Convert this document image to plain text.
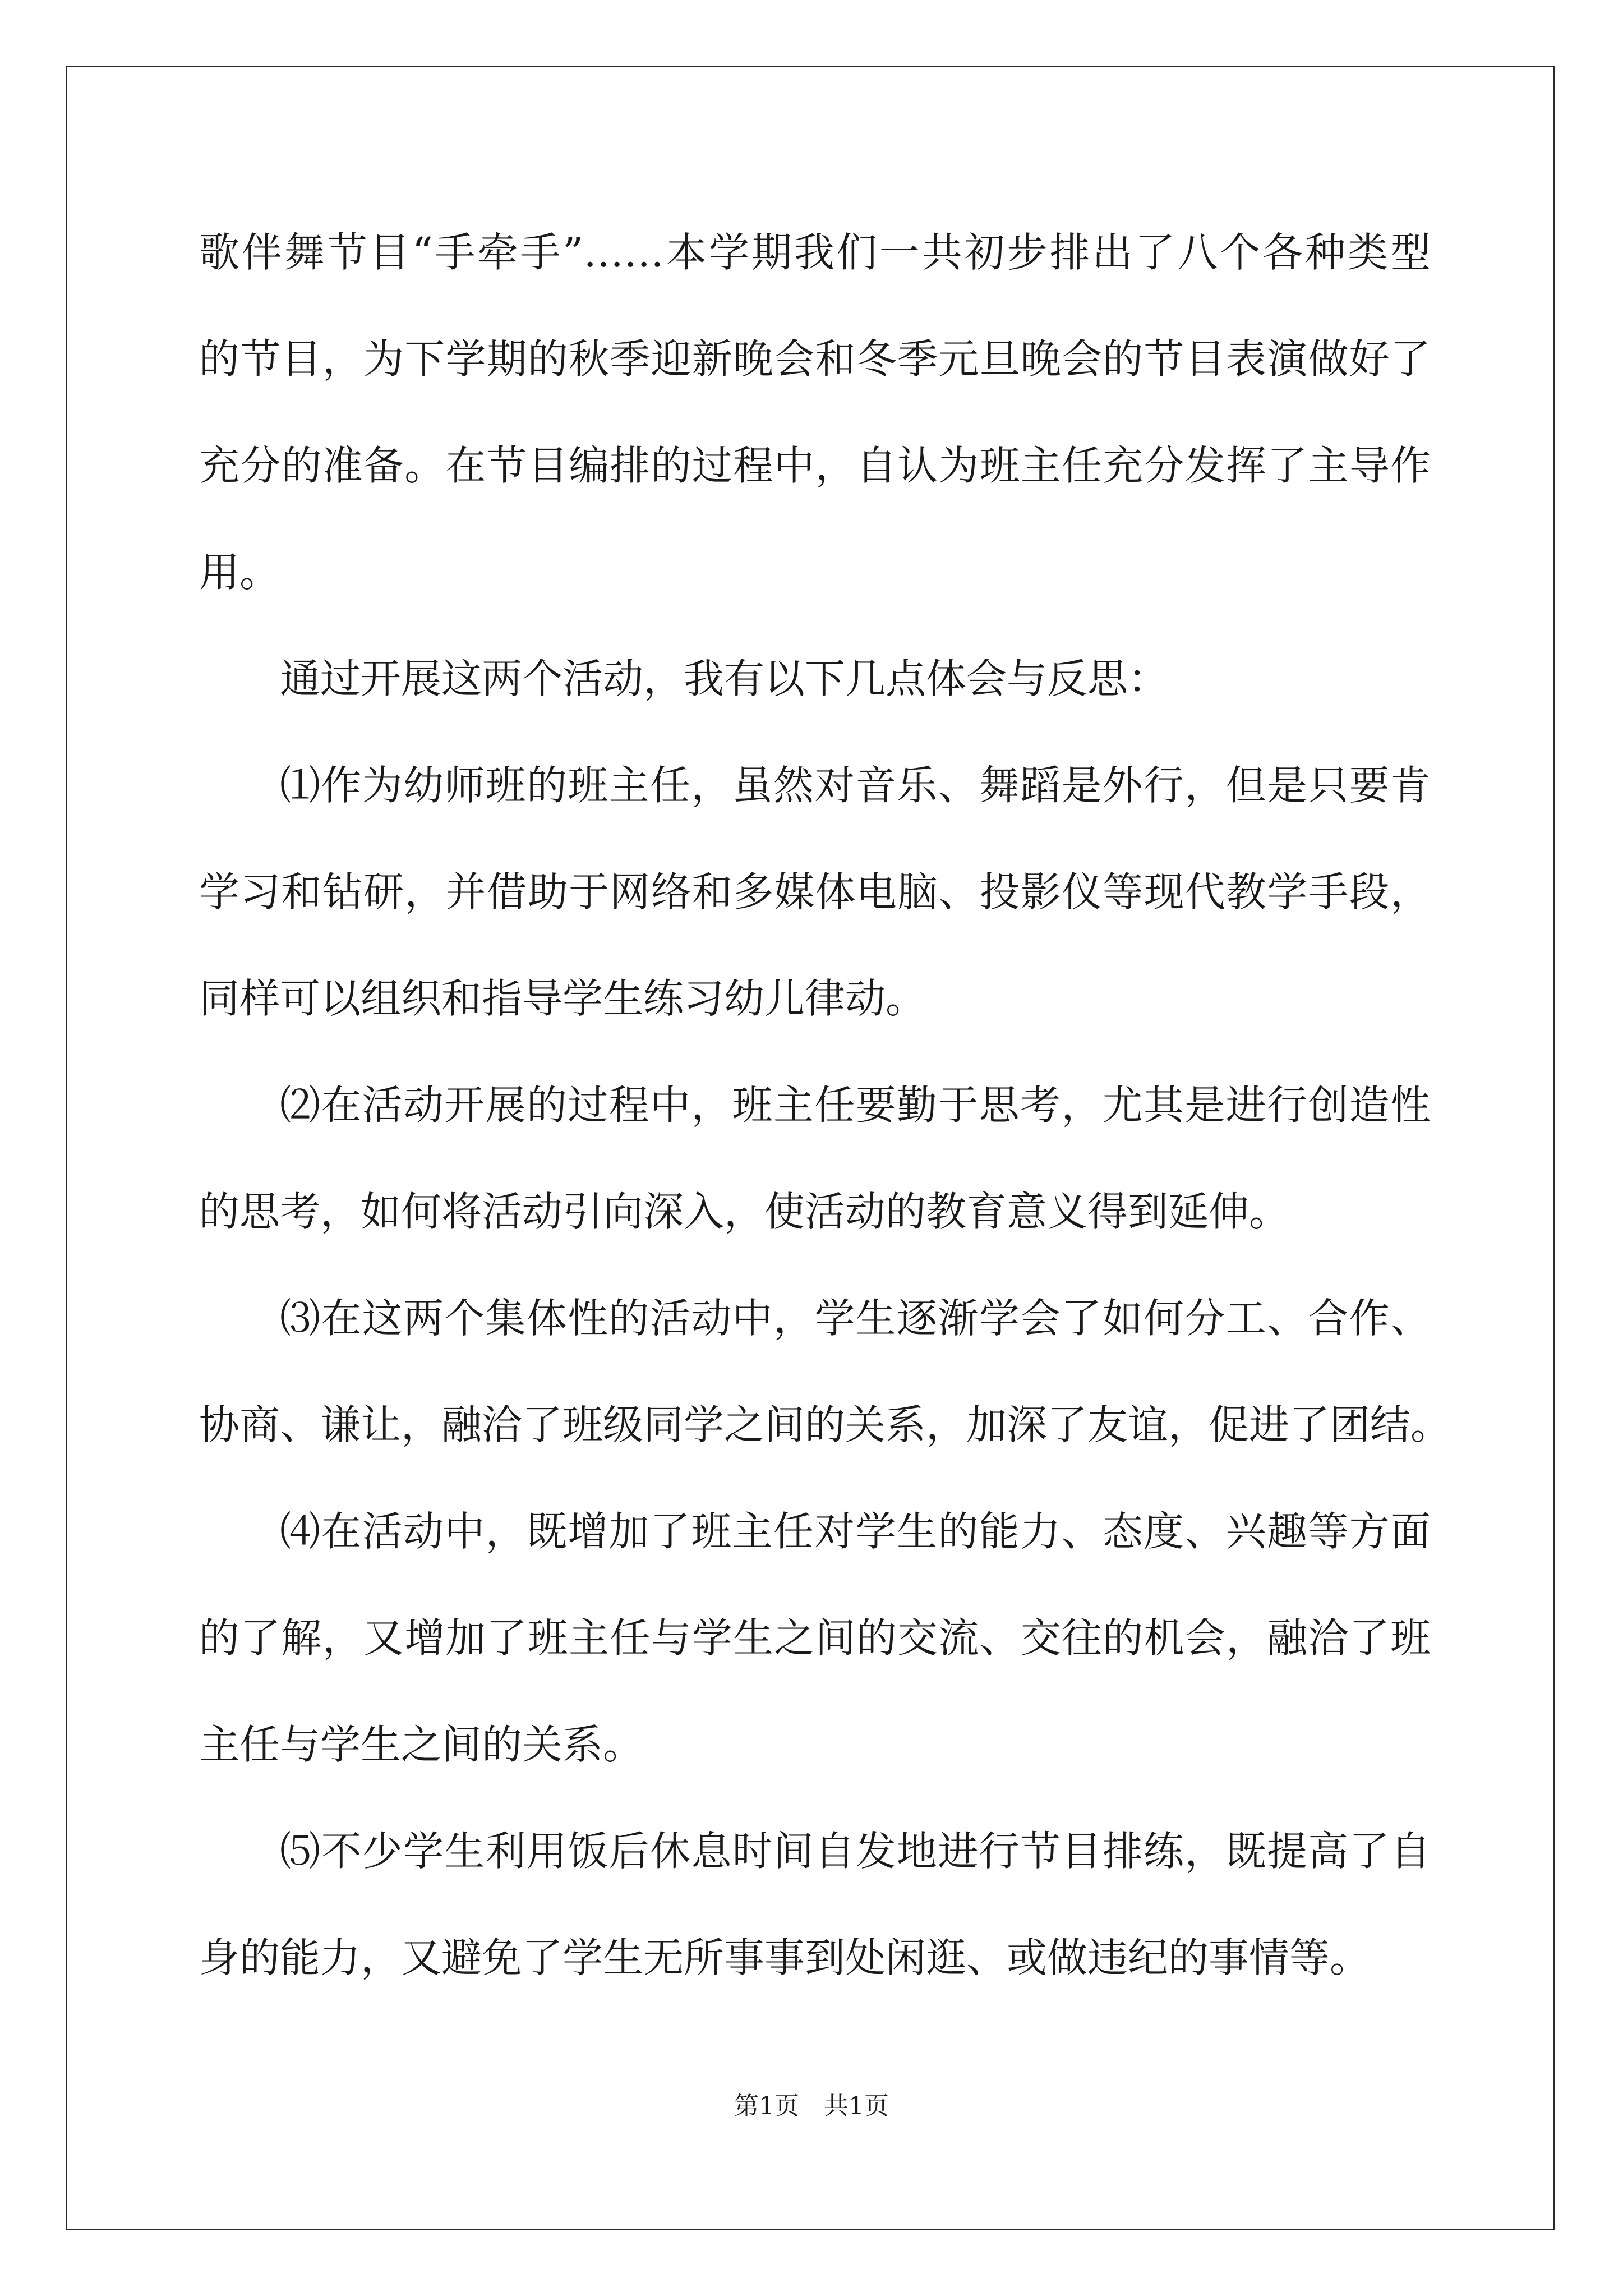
歌伴舞节目“手牵手”……本学期我们一共初步排出了八个各种类型
的节目，为下学期的秋季迎新晚会和冬季元旦晚会的节目表演做好了
充分的准备。在节目编排的过程中，自认为班主任充分发挥了主导作
用。
通过开展这两个活动，我有以下几点体会与反思：
⑴作为幼师班的班主任，虽然对音乐、舞蹈是外行，但是只要肯
学习和钻研，并借助于网络和多媒体电脑、投影仪等现代教学手段，
同样可以组织和指导学生练习幼儿律动。
⑵在活动开展的过程中，班主任要勤于思考，尤其是进行创造性
的思考，如何将活动引向深入，使活动的教育意义得到延伸。
⑶在这两个集体性的活动中，学生逐渐学会了如何分工、合作、
协商、谦让，融洽了班级同学之间的关系，加深了友谊，促进了团结。
⑷在活动中，既增加了班主任对学生的能力、态度、兴趣等方面
的了解，又增加了班主任与学生之间的交流、交往的机会，融洽了班
主任与学生之间的关系。
⑸不少学生利用饭后休息时间自发地进行节目排练，既提高了自
身的能力，又避免了学生无所事事到处闲逛、或做违纪的事情等。
第1页 共1页
